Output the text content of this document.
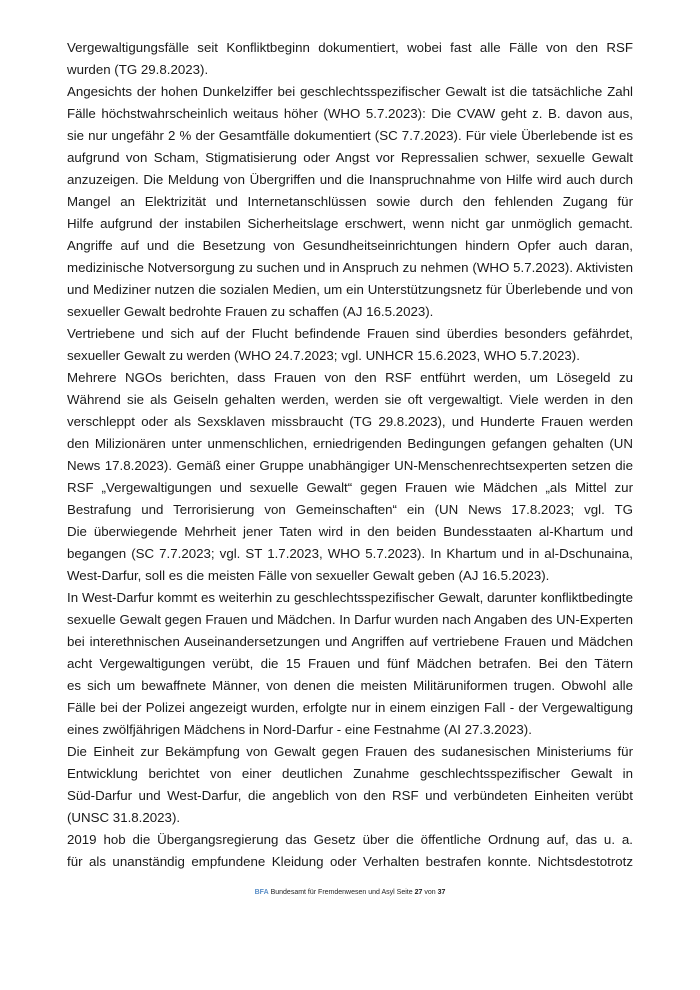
Vergewaltigungsfälle seit Konfliktbeginn dokumentiert, wobei fast alle Fälle von den RSF
wurden (TG 29.8.2023).
Angesichts der hohen Dunkelziffer bei geschlechtsspezifischer Gewalt ist die tatsächliche Zahl
Fälle höchstwahrscheinlich weitaus höher (WHO 5.7.2023): Die CVAW geht z. B. davon aus,
sie nur ungefähr 2 % der Gesamtfälle dokumentiert (SC 7.7.2023). Für viele Überlebende ist es
aufgrund von Scham, Stigmatisierung oder Angst vor Repressalien schwer, sexuelle Gewalt
anzuzeigen. Die Meldung von Übergriffen und die Inanspruchnahme von Hilfe wird auch durch
Mangel an Elektrizität und Internetanschlüssen sowie durch den fehlenden Zugang für
Hilfe aufgrund der instabilen Sicherheitslage erschwert, wenn nicht gar unmöglich gemacht.
Angriffe auf und die Besetzung von Gesundheitseinrichtungen hindern Opfer auch daran,
medizinische Notversorgung zu suchen und in Anspruch zu nehmen (WHO 5.7.2023). Aktivisten
und Mediziner nutzen die sozialen Medien, um ein Unterstützungsnetz für Überlebende und von
sexueller Gewalt bedrohte Frauen zu schaffen (AJ 16.5.2023).
Vertriebene und sich auf der Flucht befindende Frauen sind überdies besonders gefährdet,
sexueller Gewalt zu werden (WHO 24.7.2023; vgl. UNHCR 15.6.2023, WHO 5.7.2023).
Mehrere NGOs berichten, dass Frauen von den RSF entführt werden, um Lösegeld zu
Während sie als Geiseln gehalten werden, werden sie oft vergewaltigt. Viele werden in den
verschleppt oder als Sexsklaven missbraucht (TG 29.8.2023), und Hunderte Frauen werden
den Milizionären unter unmenschlichen, erniedrigenden Bedingungen gefangen gehalten (UN
News 17.8.2023). Gemäß einer Gruppe unabhängiger UN-Menschenrechtsexperten setzen die
RSF „Vergewaltigungen und sexuelle Gewalt“ gegen Frauen wie Mädchen „als Mittel zur
Bestrafung und Terrorisierung von Gemeinschaften“ ein (UN News 17.8.2023; vgl. TG
Die überwiegende Mehrheit jener Taten wird in den beiden Bundesstaaten al-Khartum und
begangen (SC 7.7.2023; vgl. ST 1.7.2023, WHO 5.7.2023). In Khartum und in al-Dschunaina,
West-Darfur, soll es die meisten Fälle von sexueller Gewalt geben (AJ 16.5.2023).
In West-Darfur kommt es weiterhin zu geschlechtsspezifischer Gewalt, darunter konfliktbedingte
sexuelle Gewalt gegen Frauen und Mädchen. In Darfur wurden nach Angaben des UN-Experten
bei interethnischen Auseinandersetzungen und Angriffen auf vertriebene Frauen und Mädchen
acht Vergewaltigungen verübt, die 15 Frauen und fünf Mädchen betrafen. Bei den Tätern
es sich um bewaffnete Männer, von denen die meisten Militäruniformen trugen. Obwohl alle
Fälle bei der Polizei angezeigt wurden, erfolgte nur in einem einzigen Fall - der Vergewaltigung
eines zwölfjährigen Mädchens in Nord-Darfur - eine Festnahme (AI 27.3.2023).
Die Einheit zur Bekämpfung von Gewalt gegen Frauen des sudanesischen Ministeriums für
Entwicklung berichtet von einer deutlichen Zunahme geschlechtsspezifischer Gewalt in
Süd-Darfur und West-Darfur, die angeblich von den RSF und verbündeten Einheiten verübt
(UNSC 31.8.2023).
2019 hob die Übergangsregierung das Gesetz über die öffentliche Ordnung auf, das u. a.
für als unanständig empfundene Kleidung oder Verhalten bestrafen konnte. Nichtsdestotrotz
BFA Bundesamt für Fremdenwesen und Asyl Seite 27 von 37
